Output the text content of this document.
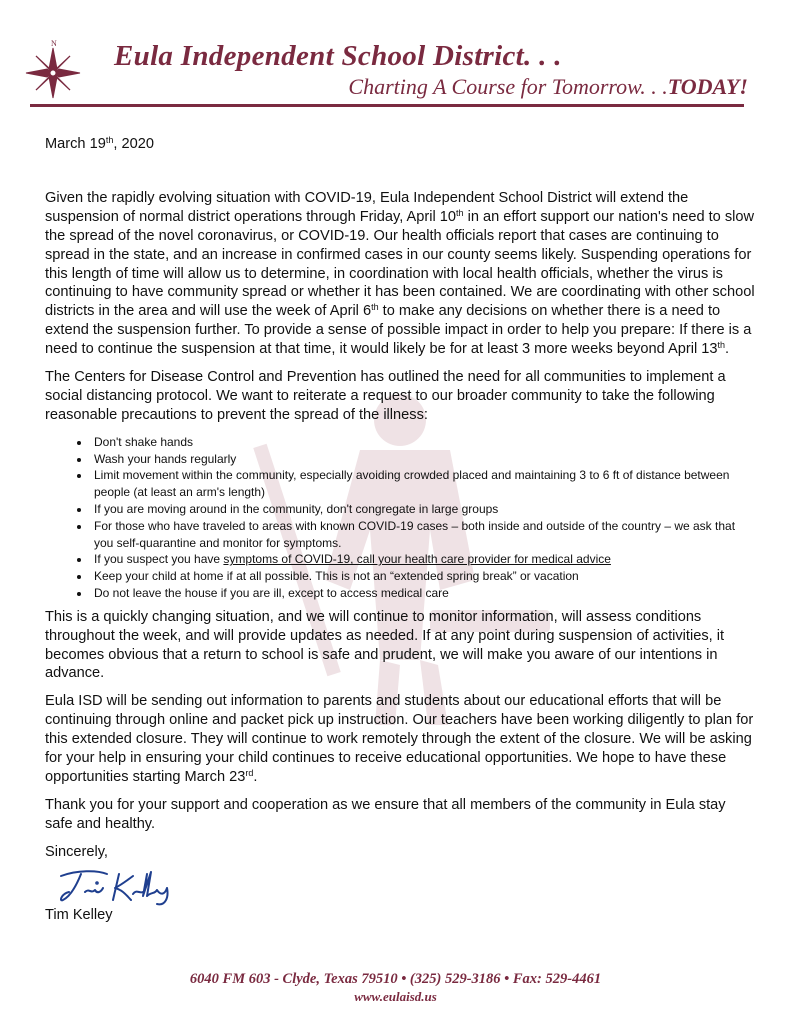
N Eula Independent School District. . .
Charting A Course for Tomorrow. . .TODAY!
March 19th, 2020

Given the rapidly evolving situation with COVID-19, Eula Independent School District will extend the suspension of normal district operations through Friday, April 10th in an effort support our nation's need to slow the spread of the novel coronavirus, or COVID-19. Our health officials report that cases are continuing to spread in the state, and an increase in confirmed cases in our county seems likely. Suspending operations for this length of time will allow us to determine, in coordination with local health officials, whether the virus is continuing to have community spread or whether it has been contained. We are coordinating with other school districts in the area and will use the week of April 6th to make any decisions on whether there is a need to extend the suspension further. To provide a sense of possible impact in order to help you prepare: If there is a need to continue the suspension at that time, it would likely be for at least 3 more weeks beyond April 13th.

The Centers for Disease Control and Prevention has outlined the need for all communities to implement a social distancing protocol. We want to reiterate a request to our broader community to take the following reasonable precautions to prevent the spread of the illness:

• Don't shake hands
• Wash your hands regularly
• Limit movement within the community, especially avoiding crowded placed and maintaining 3 to 6 ft of distance between people (at least an arm's length)
• If you are moving around in the community, don't congregate in large groups
• For those who have traveled to areas with known COVID-19 cases – both inside and outside of the country – we ask that you self-quarantine and monitor for symptoms.
• If you suspect you have symptoms of COVID-19, call your health care provider for medical advice
• Keep your child at home if at all possible. This is not an “extended spring break” or vacation
• Do not leave the house if you are ill, except to access medical care

This is a quickly changing situation, and we will continue to monitor information, will assess conditions throughout the week, and will provide updates as needed. If at any point during suspension of activities, it becomes obvious that a return to school is safe and prudent, we will make you aware of our intentions in advance.

Eula ISD will be sending out information to parents and students about our educational efforts that will be continuing through online and packet pick up instruction. Our teachers have been working diligently to plan for this extended closure. They will continue to work remotely through the extent of the closure. We will be asking for your help in ensuring your child continues to receive educational opportunities. We hope to have these opportunities starting March 23rd.

Thank you for your support and cooperation as we ensure that all members of the community in Eula stay safe and healthy.

Sincerely,
Tim Kelley
6040 FM 603 - Clyde, Texas 79510 • (325) 529-3186 • Fax: 529-4461
www.eulaisd.us
